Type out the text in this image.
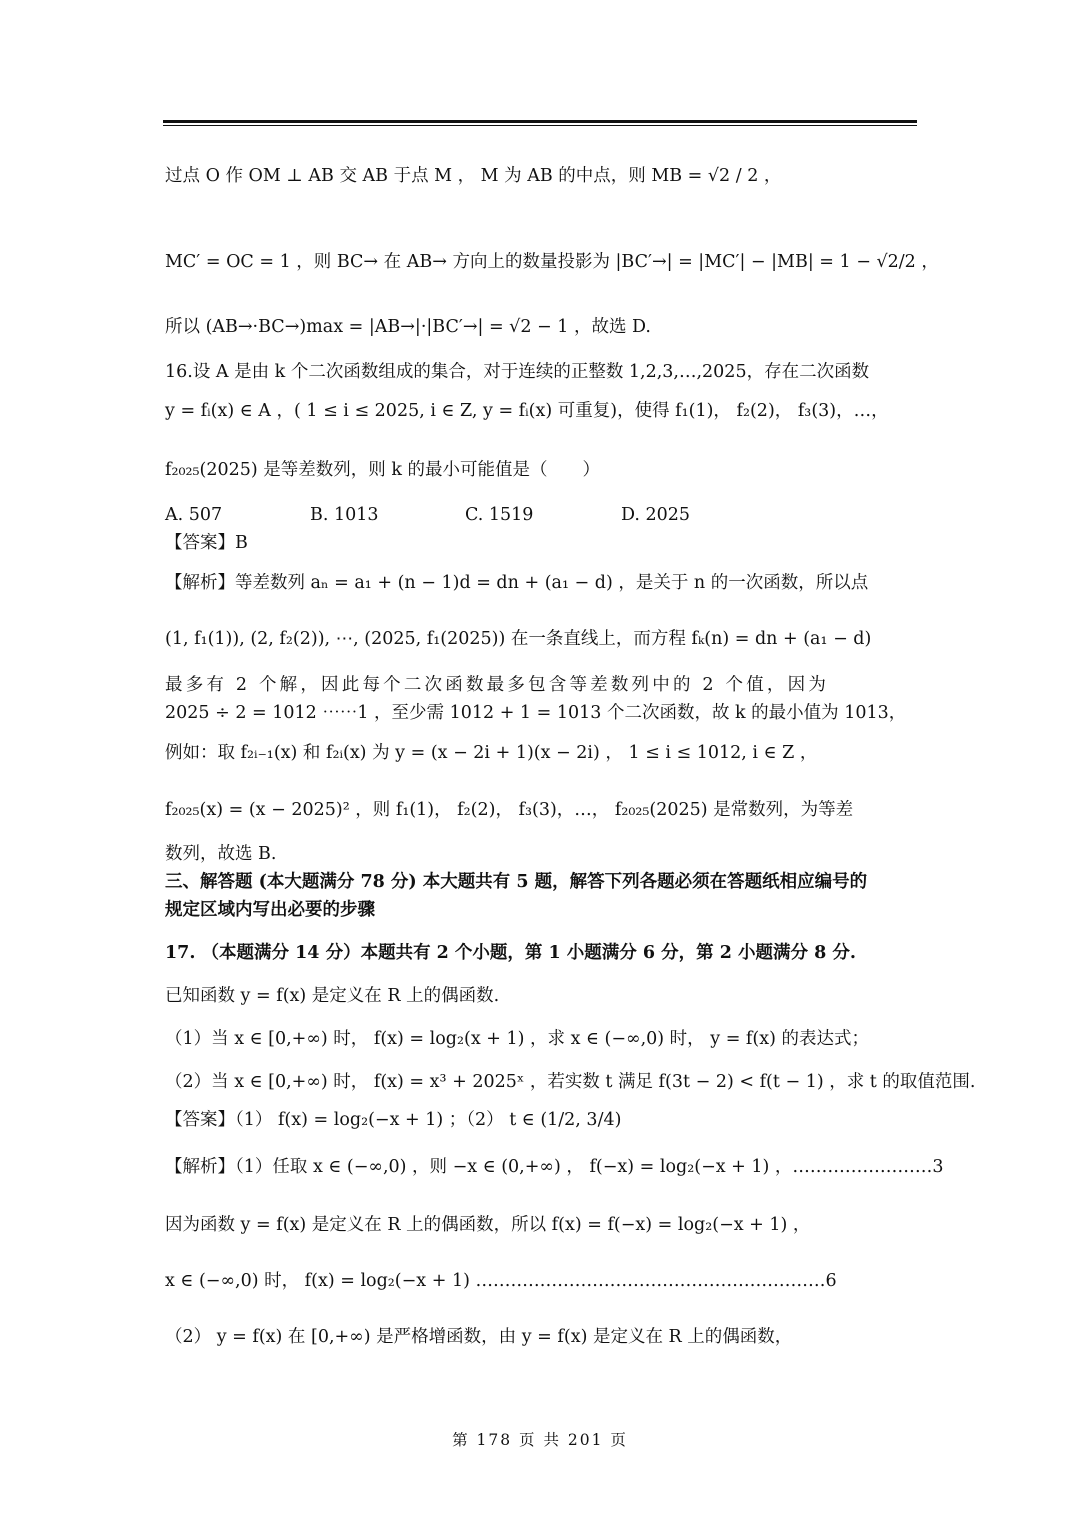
过点 O 作 OM ⊥ AB 交 AB 于点 M ， M 为 AB 的中点，则 MB = √2 / 2 ，
MC′ = OC = 1 ，则 BC→ 在 AB→ 方向上的数量投影为 |BC′→| = |MC′| − |MB| = 1 − √2/2 ，
所以 (AB→·BC→)max = |AB→|·|BC′→| = √2 − 1 ，故选 D.
16.设 A 是由 k 个二次函数组成的集合，对于连续的正整数 1,2,3,…,2025，存在二次函数
y = fᵢ(x) ∈ A ，( 1 ≤ i ≤ 2025, i ∈ Z, y = fᵢ(x) 可重复)，使得 f₁(1)， f₂(2)， f₃(3)，…，
f₂₀₂₅(2025) 是等差数列，则 k 的最小可能值是（　　）
A. 507	B. 1013	C. 1519	D. 2025
【答案】B
【解析】等差数列 aₙ = a₁ + (n − 1)d = dn + (a₁ − d) ，是关于 n 的一次函数，所以点
(1, f₁(1)), (2, f₂(2)), ⋯, (2025, f₁(2025)) 在一条直线上，而方程 fₖ(n) = dn + (a₁ − d)
最多有 2 个解，因此每个二次函数最多包含等差数列中的 2 个值，因为
2025 ÷ 2 = 1012 ⋯⋯1 ，至少需 1012 + 1 = 1013 个二次函数，故 k 的最小值为 1013，
例如：取 f₂ᵢ₋₁(x) 和 f₂ᵢ(x) 为 y = (x − 2i + 1)(x − 2i) ， 1 ≤ i ≤ 1012, i ∈ Z ，
f₂₀₂₅(x) = (x − 2025)² ，则 f₁(1)， f₂(2)， f₃(3)，…， f₂₀₂₅(2025) 是常数列，为等差
数列，故选 B.
三、解答题 (本大题满分 78 分) 本大题共有 5 题，解答下列各题必须在答题纸相应编号的
规定区域内写出必要的步骤
17. （本题满分 14 分）本题共有 2 个小题，第 1 小题满分 6 分，第 2 小题满分 8 分.
已知函数 y = f(x) 是定义在 R 上的偶函数.
（1）当 x ∈ [0,+∞) 时， f(x) = log₂(x + 1) ，求 x ∈ (−∞,0) 时， y = f(x) 的表达式；
（2）当 x ∈ [0,+∞) 时， f(x) = x³ + 2025ˣ ，若实数 t 满足 f(3t − 2) < f(t − 1) ，求 t 的取值范围.
【答案】（1） f(x) = log₂(−x + 1) ；（2） t ∈ (1/2, 3/4)
【解析】（1）任取 x ∈ (−∞,0) ，则 −x ∈ (0,+∞) ， f(−x) = log₂(−x + 1) ，……………………3
因为函数 y = f(x) 是定义在 R 上的偶函数，所以 f(x) = f(−x) = log₂(−x + 1) ，
x ∈ (−∞,0) 时， f(x) = log₂(−x + 1) ……………………………………………………6
（2） y = f(x) 在 [0,+∞) 是严格增函数，由 y = f(x) 是定义在 R 上的偶函数，
第 178 页 共 201 页
